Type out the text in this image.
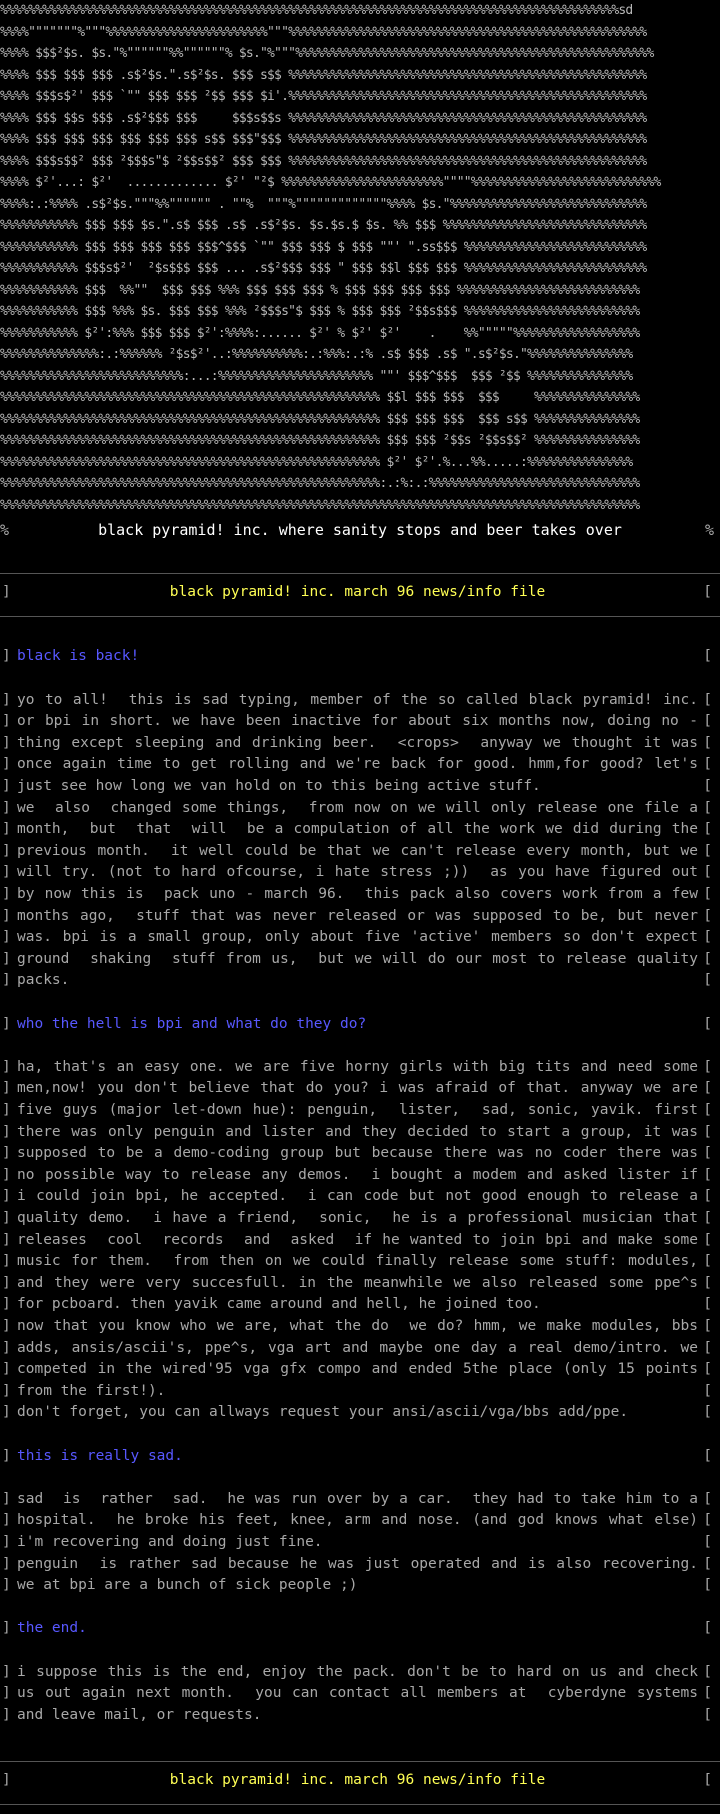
%%%%%%%%%%%%%%%%%%%%%%%%%%%%%%%%%%%%%%%%%%%%%%%%%%%%%%%%%%%%%%%%%%%%%%%%%%%%%%%%%%%%%%%%sd
%%%%"""""""%"""%%%%%%%%%%%%%%%%%%%%%%%"""%%%%%%%%%%%%%%%%%%%%%%%%%%%%%%%%%%%%%%%%%%%%%%%%%%%
%%%% $$$²$s. $s."%""""""%%""""""% $s."%"""%%%%%%%%%%%%%%%%%%%%%%%%%%%%%%%%%%%%%%%%%%%%%%%%%%%
%%%% $$$ $$$ $$$ .s$²$s.".s$²$s. $$$ s$$ %%%%%%%%%%%%%%%%%%%%%%%%%%%%%%%%%%%%%%%%%%%%%%%%%%%
%%%% $$$s$²' $$$ `"" $$$ $$$ ²$$ $$$ $i'.%%%%%%%%%%%%%%%%%%%%%%%%%%%%%%%%%%%%%%%%%%%%%%%%%%%
%%%% $$$ $$s $$$ .s$²$$$ $$$     $$$s$$s %%%%%%%%%%%%%%%%%%%%%%%%%%%%%%%%%%%%%%%%%%%%%%%%%%%
%%%% $$$ $$$ $$$ $$$ $$$ $$$ s$$ $$$"$$$ %%%%%%%%%%%%%%%%%%%%%%%%%%%%%%%%%%%%%%%%%%%%%%%%%%%
%%%% $$$s$$² $$$ ²$$$s"$ ²$$s$$² $$$ $$$ %%%%%%%%%%%%%%%%%%%%%%%%%%%%%%%%%%%%%%%%%%%%%%%%%%%
%%%% $²'...: $²'  ............. $²' "²$ %%%%%%%%%%%%%%%%%%%%%%%""""%%%%%%%%%%%%%%%%%%%%%%%%%%%
%%%%:.:%%%% .s$²$s."""%%"""""" . ""%  """%"""""""""""""%%%% $s."%%%%%%%%%%%%%%%%%%%%%%%%%%%%
%%%%%%%%%%% $$$ $$$ $s.".s$ $$$ .s$ .s$²$s. $s.$s.$ $s. %% $$$ %%%%%%%%%%%%%%%%%%%%%%%%%%%%%
%%%%%%%%%%% $$$ $$$ $$$ $$$ $$$^$$$ `"" $$$ $$$ $ $$$ ""' ".ss$$$ %%%%%%%%%%%%%%%%%%%%%%%%%%
%%%%%%%%%%% $$$s$²'  ²$s$$$ $$$ ... .s$²$$$ $$$ " $$$ $$l $$$ $$$ %%%%%%%%%%%%%%%%%%%%%%%%%%
%%%%%%%%%%% $$$  %%""  $$$ $$$ %%% $$$ $$$ $$$ % $$$ $$$ $$$ $$$ %%%%%%%%%%%%%%%%%%%%%%%%%%
%%%%%%%%%%% $$$ %%% $s. $$$ $$$ %%% ²$$$s"$ $$$ % $$$ $$$ ²$$s$$$ %%%%%%%%%%%%%%%%%%%%%%%%%
%%%%%%%%%%% $²':%%% $$$ $$$ $²':%%%%:...... $²' % $²' $²'    .    %%"""""%%%%%%%%%%%%%%%%%%
%%%%%%%%%%%%%%:.:%%%%%% ²$s$²'..:%%%%%%%%%%:.:%%%:.:% .s$ $$$ .s$ ".s$²$s."%%%%%%%%%%%%%%%
%%%%%%%%%%%%%%%%%%%%%%%%%%:...:%%%%%%%%%%%%%%%%%%%%%% ""' $$$^$$$  $$$ ²$$ %%%%%%%%%%%%%%%
%%%%%%%%%%%%%%%%%%%%%%%%%%%%%%%%%%%%%%%%%%%%%%%%%%%%%% $$l $$$ $$$  $$$     %%%%%%%%%%%%%%%
%%%%%%%%%%%%%%%%%%%%%%%%%%%%%%%%%%%%%%%%%%%%%%%%%%%%%% $$$ $$$ $$$  $$$ s$$ %%%%%%%%%%%%%%%
%%%%%%%%%%%%%%%%%%%%%%%%%%%%%%%%%%%%%%%%%%%%%%%%%%%%%% $$$ $$$ ²$$s ²$$s$$² %%%%%%%%%%%%%%%
%%%%%%%%%%%%%%%%%%%%%%%%%%%%%%%%%%%%%%%%%%%%%%%%%%%%%% $²' $²'.%...%%.....:%%%%%%%%%%%%%%%
%%%%%%%%%%%%%%%%%%%%%%%%%%%%%%%%%%%%%%%%%%%%%%%%%%%%%%:.:%:.:%%%%%%%%%%%%%%%%%%%%%%%%%%%%%%
%%%%%%%%%%%%%%%%%%%%%%%%%%%%%%%%%%%%%%%%%%%%%%%%%%%%%%%%%%%%%%%%%%%%%%%%%%%%%%%%%%%%%%%%%%%
%	black pyramid! inc. where sanity stops and beer takes over	%
]	black pyramid! inc. march 96 news/info file	[
] black is back!	[
] yo to all!  this is sad typing, member of the so called black pyramid! inc. [
] or bpi in short. we have been inactive for about six months now, doing no - [
] thing except sleeping and drinking beer.  <crops>  anyway we thought it was [
] once again time to get rolling and we're back for good. hmm,for good? let's [
] just see how long we van hold on to this being active stuff.	[
] we  also  changed some things,  from now on we will only release one file a [
] month,  but  that  will  be a compulation of all the work we did during the [
] previous month.  it well could be that we can't release every month, but we [
] will try. (not to hard ofcourse, i hate stress ;))  as you have figured out [
] by now this is  pack uno - march 96.  this pack also covers work from a few [
] months ago,  stuff that was never released or was supposed to be, but never [
] was. bpi is a small group, only about five 'active' members so don't expect [
] ground  shaking  stuff from us,  but we will do our most to release quality [
] packs.	[
] who the hell is bpi and what do they do?	[
] ha, that's an easy one. we are five horny girls with big tits and need some [
] men,now! you don't believe that do you? i was afraid of that. anyway we are [
] five guys (major let-down hue): penguin,  lister,  sad, sonic, yavik. first [
] there was only penguin and lister and they decided to start a group, it was [
] supposed to be a demo-coding group but because there was no coder there was [
] no possible way to release any demos.  i bought a modem and asked lister if [
] i could join bpi, he accepted.  i can code but not good enough to release a [
] quality demo.  i have a friend,  sonic,  he is a professional musician that [
] releases  cool  records  and  asked  if he wanted to join bpi and make some [
] music for them.  from then on we could finally release some stuff: modules, [
] and they were very succesfull. in the meanwhile we also released some ppe^s [
] for pcboard. then yavik came around and hell, he joined too.	[
] now that you know who we are, what the do  we do? hmm, we make modules, bbs [
] adds, ansis/ascii's, ppe^s, vga art and maybe one day a real demo/intro. we [
] competed in the wired'95 vga gfx compo and ended 5the place (only 15 points [
] from the first!).	[
] don't forget, you can allways request your ansi/ascii/vga/bbs add/ppe.	[
] this is really sad.	[
] sad  is  rather  sad.  he was run over by a car.  they had to take him to a [
] hospital.  he broke his feet, knee, arm and nose. (and god knows what else) [
] i'm recovering and doing just fine.	[
] penguin  is rather sad because he was just operated and is also recovering. [
] we at bpi are a bunch of sick people ;)	[
] the end.	[
] i suppose this is the end, enjoy the pack. don't be to hard on us and check [
] us out again next month.  you can contact all members at  cyberdyne systems [
] and leave mail, or requests.	[
]	black pyramid! inc. march 96 news/info file	[
